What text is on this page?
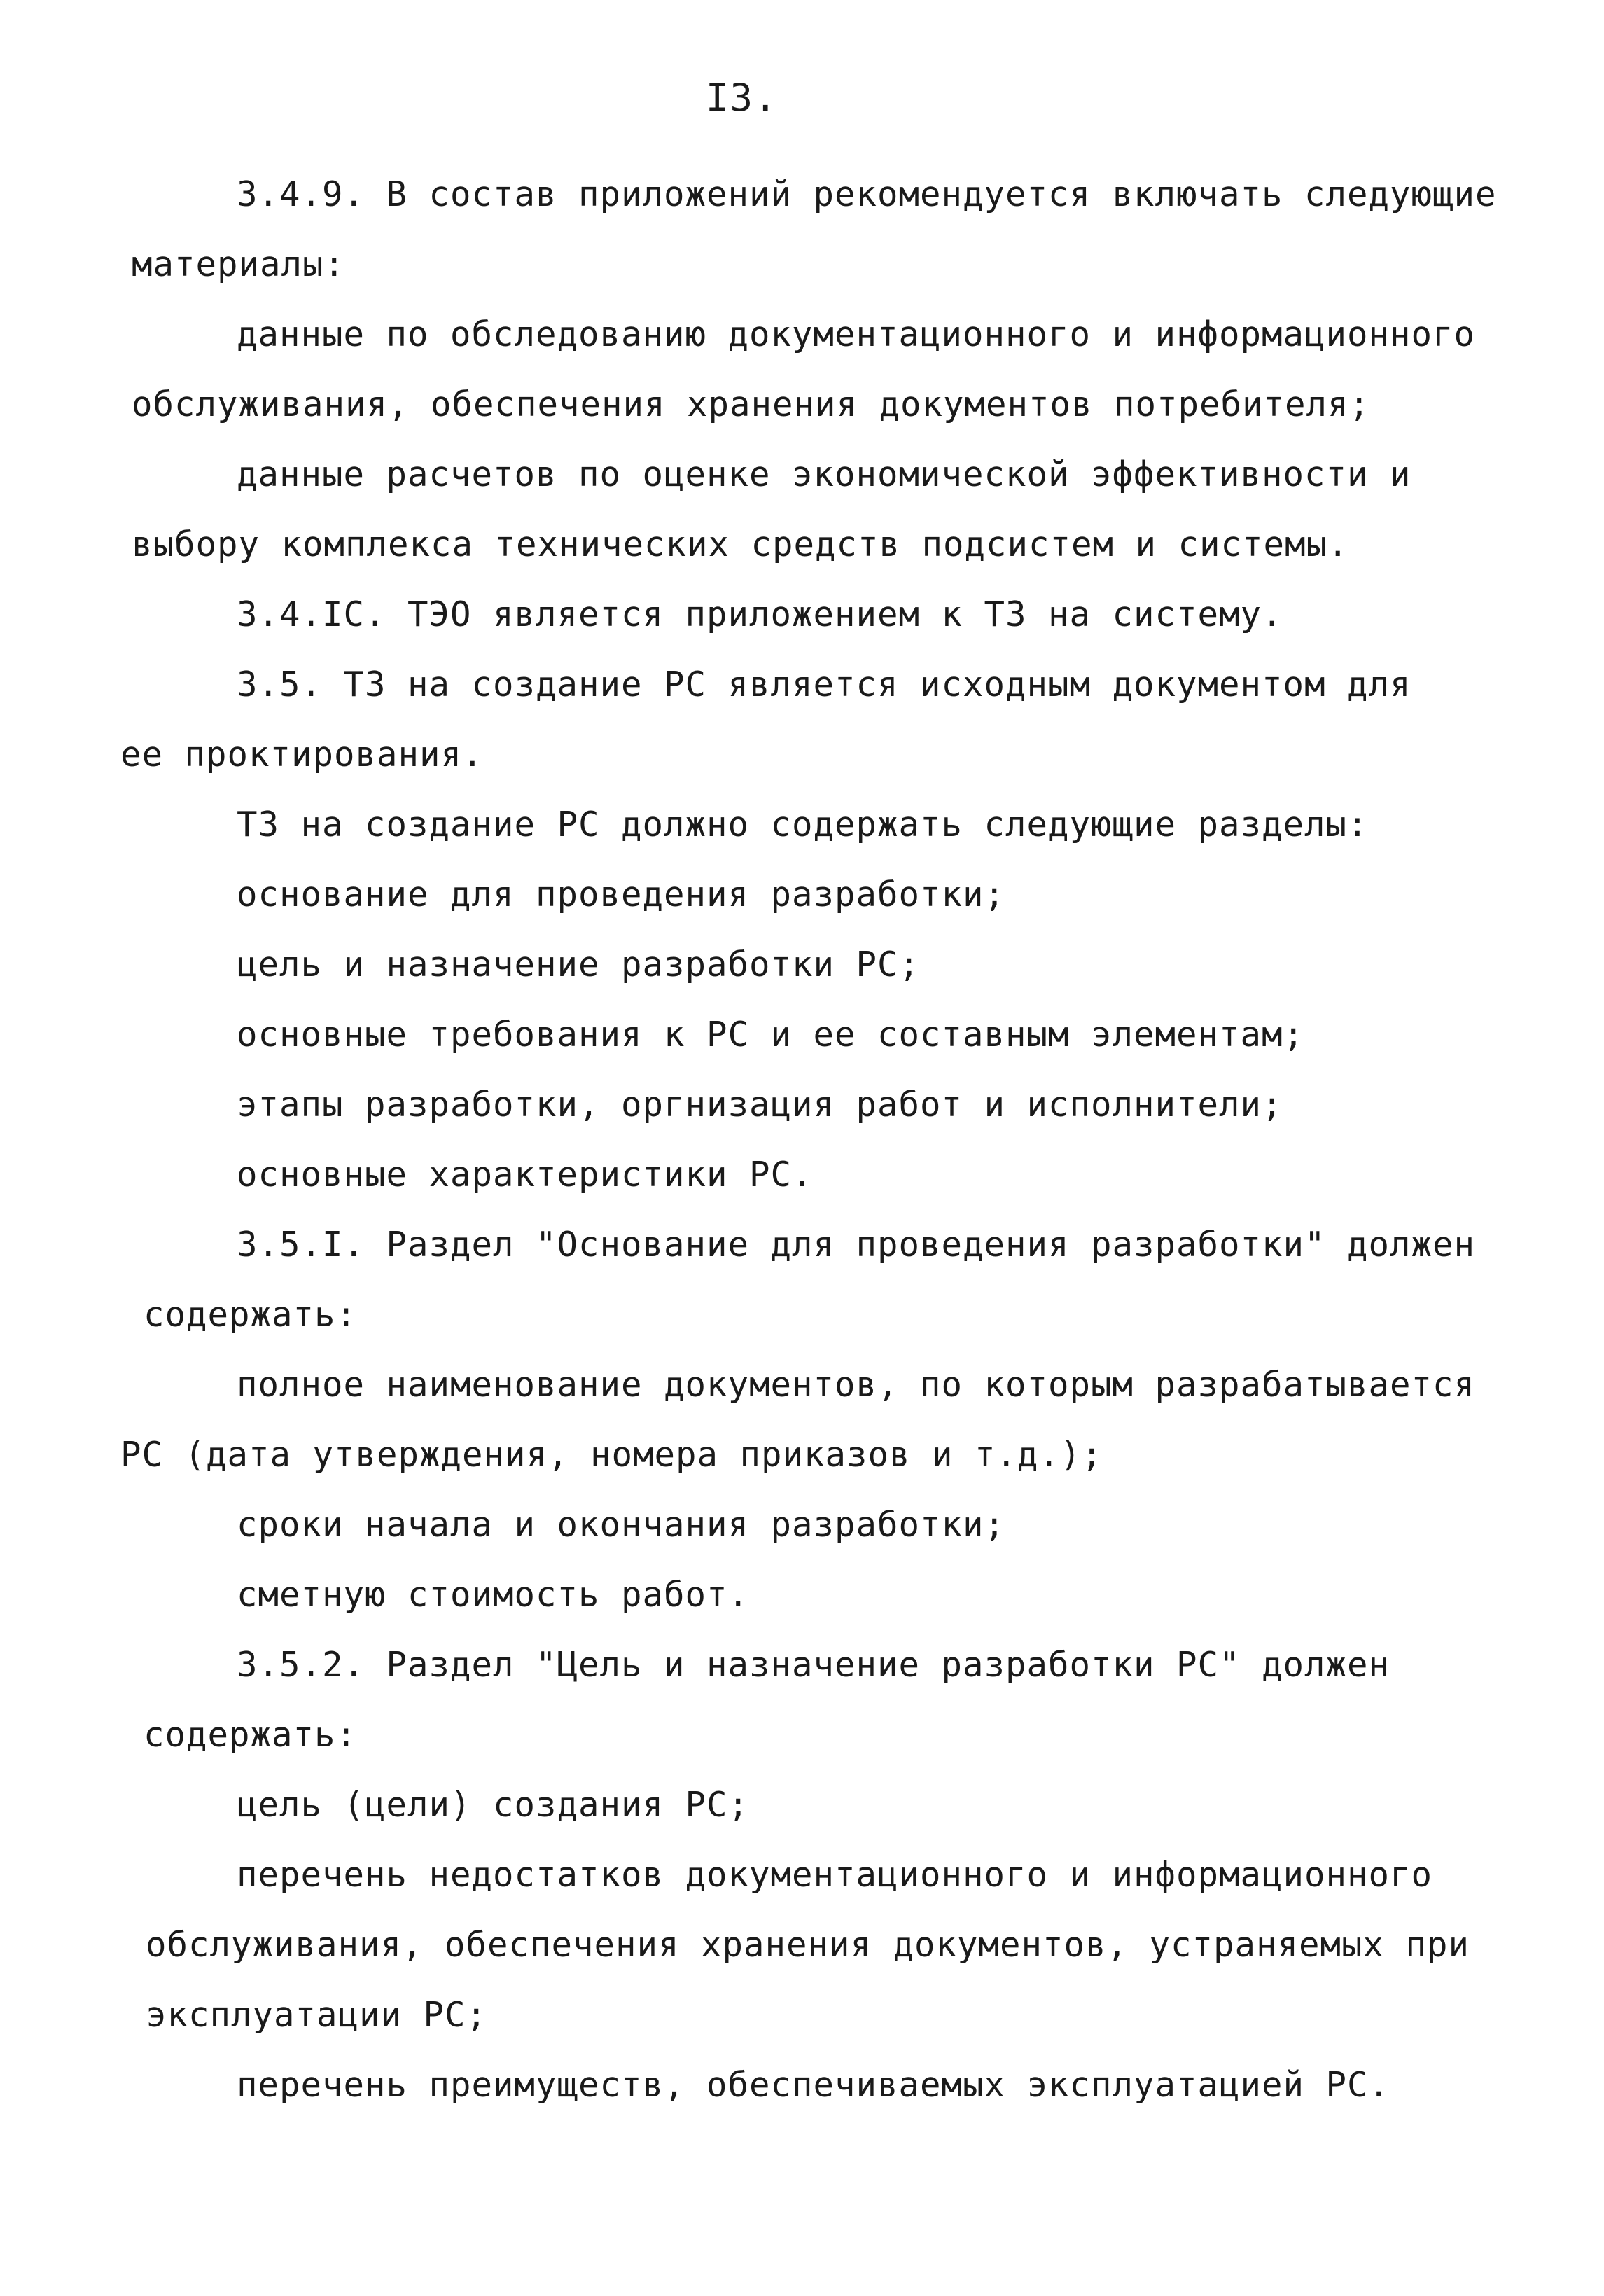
I3.
3.4.9. В состав приложений рекомендуется включать следующие
материалы:
данные по обследованию документационного и информационного
обслуживания, обеспечения хранения документов потребителя;
данные расчетов по оценке экономической эффективности и
выбору комплекса технических средств подсистем и системы.
3.4.IС. ТЭО является приложением к ТЗ на систему.
3.5. ТЗ на создание РС является исходным документом для
ее проктирования.
ТЗ на создание РС должно содержать следующие разделы:
основание для проведения разработки;
цель и назначение разработки РС;
основные требования к РС и ее составным элементам;
этапы разработки, оргнизация работ и исполнители;
основные характеристики РС.
3.5.I. Раздел "Основание для проведения разработки" должен
содержать:
полное наименование документов, по которым разрабатывается
РС (дата утверждения, номера приказов и т.д.);
сроки начала и окончания разработки;
сметную стоимость работ.
3.5.2. Раздел "Цель и назначение разработки РС" должен
содержать:
цель (цели) создания РС;
перечень недостатков документационного и информационного
обслуживания, обеспечения хранения документов, устраняемых при
эксплуатации РС;
перечень преимуществ, обеспечиваемых эксплуатацией РС.
